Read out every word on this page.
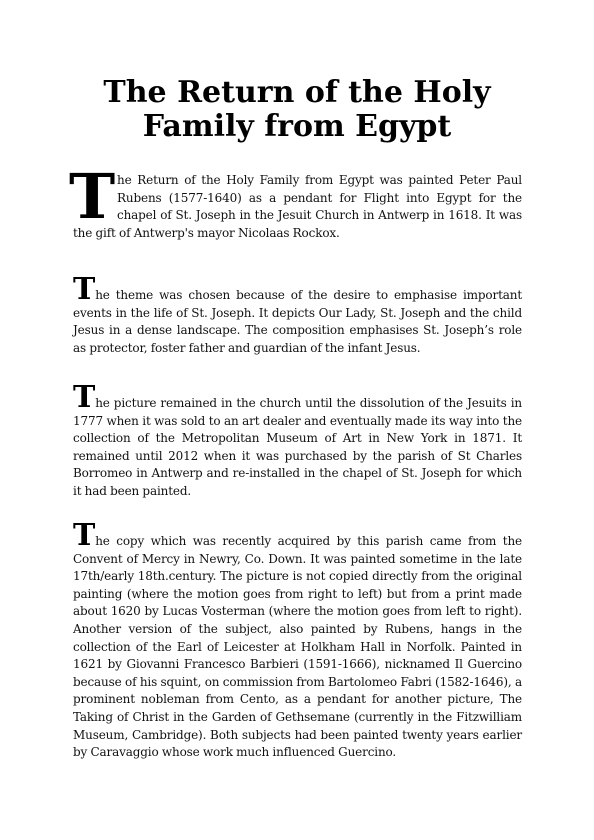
The Return of the Holy
Family from Egypt

The Return of the Holy Family from Egypt was painted Peter Paul Rubens (1577-1640) as a pendant for Flight into Egypt for the chapel of St. Joseph in the Jesuit Church in Antwerp in 1618. It was the gift of Antwerp's mayor Nicolaas Rockox.

The theme was chosen because of the desire to emphasise important events in the life of St. Joseph. It depicts Our Lady, St. Joseph and the child Jesus in a dense landscape. The composition emphasises St. Joseph’s role as protector, foster father and guardian of the infant Jesus.

The picture remained in the church until the dissolution of the Jesuits in 1777 when it was sold to an art dealer and eventually made its way into the collection of the Metropolitan Museum of Art in New York in 1871. It remained until 2012 when it was purchased by the parish of St Charles Borromeo in Antwerp and re-installed in the chapel of St. Joseph for which it had been painted.

The copy which was recently acquired by this parish came from the Convent of Mercy in Newry, Co. Down. It was painted sometime in the late 17th/early 18th.century. The picture is not copied directly from the original painting (where the motion goes from right to left) but from a print made about 1620 by Lucas Vosterman (where the motion goes from left to right). Another version of the subject, also painted by Rubens, hangs in the collection of the Earl of Leicester at Holkham Hall in Norfolk. Painted in 1621 by Giovanni Francesco Barbieri (1591-1666), nicknamed Il Guercino because of his squint, on commission from Bartolomeo Fabri (1582-1646), a prominent nobleman from Cento, as a pendant for another picture, The Taking of Christ in the Garden of Gethsemane (currently in the Fitzwilliam Museum, Cambridge). Both subjects had been painted twenty years earlier by Caravaggio whose work much influenced Guercino.
